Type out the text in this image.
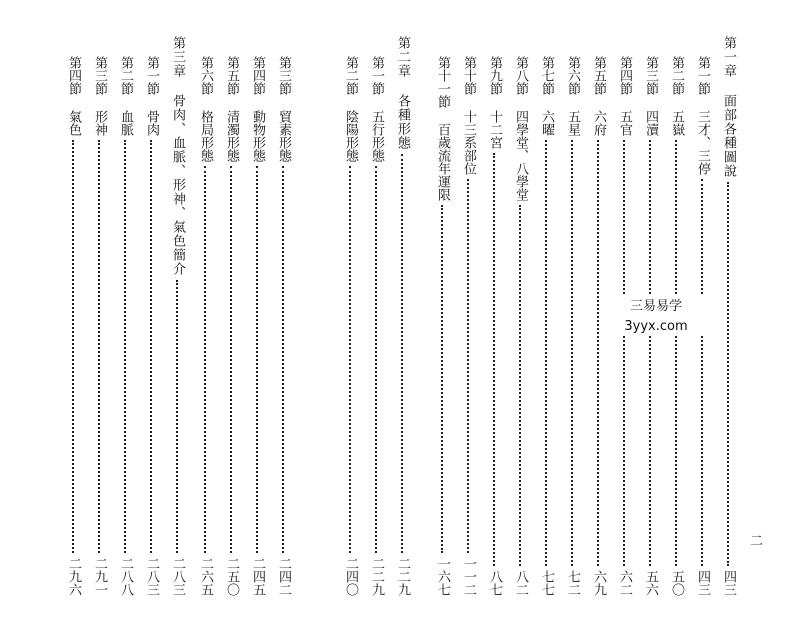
第一章 面部各種圖說
四三
第一節 三才、三停
四三
第二節 五嶽
五〇
第三節 四瀆
五六
第四節 五官
六二
第五節 六府
六九
第六節 五星
七二
第七節 六曜
七七
第八節 四學堂、八學堂
八二
第九節 十二宮
八七
第十節 十三系部位
一一二
第十一節 百歲流年運限
一六七
第二章 各種形態
二二九
第一節 五行形態
二二九
第二節 陰陽形態
二四〇
第三節 貿素形態
二四二
第四節 動物形態
二四五
第五節 清濁形態
二五〇
第六節 格局形態
二六五
第三章 骨肉、血脈、形神、氣色簡介
二八三
第一節 骨肉
二八三
第二節 血脈
二八八
第三節 形神
二九一
第四節 氣色
二九六
三易易学
3yyx.com
二
